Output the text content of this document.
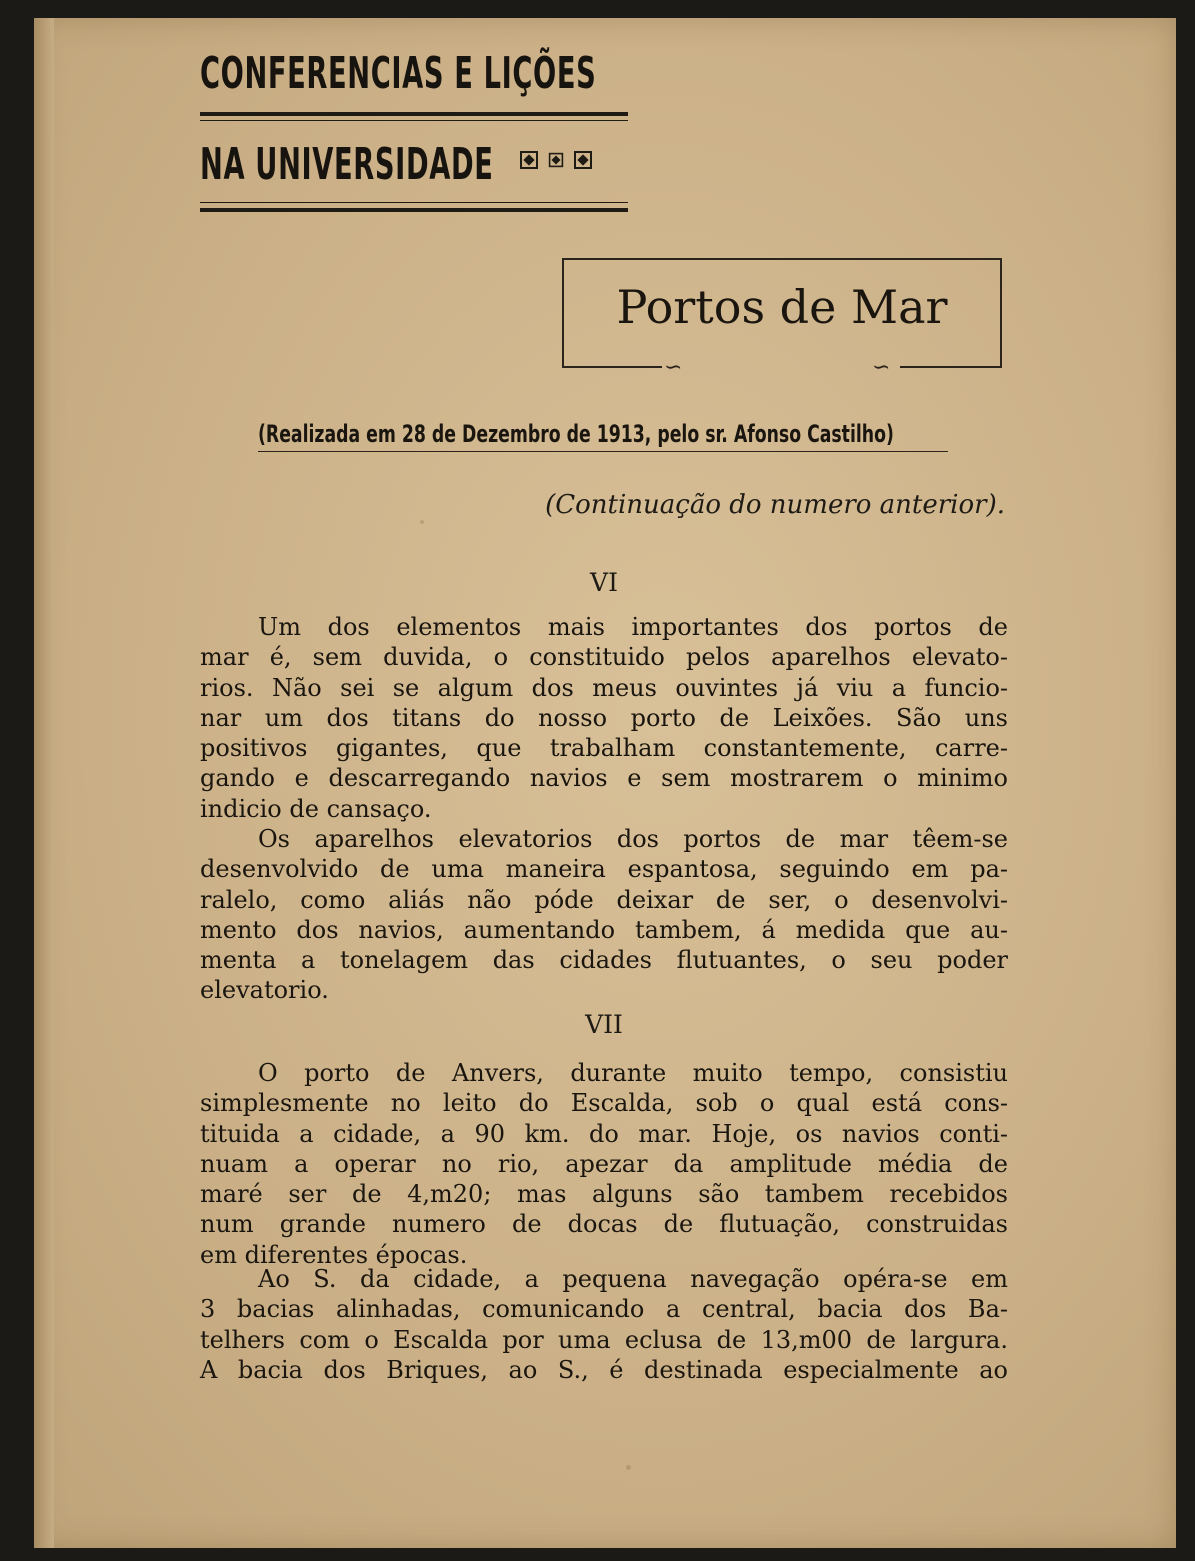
CONFERENCIAS E LIÇÕES
NA UNIVERSIDADE
∽	∽
Portos de Mar
(Realizada em 28 de Dezembro de 1913, pelo sr. Afonso Castilho)
(Continuação do numero anterior).
VI
Um dos elementos mais importantes dos portos de
mar é, sem duvida, o constituido pelos aparelhos elevato-
rios. Não sei se algum dos meus ouvintes já viu a funcio-
nar um dos titans do nosso porto de Leixões. São uns
positivos gigantes, que trabalham constantemente, carre-
gando e descarregando navios e sem mostrarem o minimo
indicio de cansaço.
Os aparelhos elevatorios dos portos de mar têem-se
desenvolvido de uma maneira espantosa, seguindo em pa-
ralelo, como aliás não póde deixar de ser, o desenvolvi-
mento dos navios, aumentando tambem, á medida que au-
menta a tonelagem das cidades flutuantes, o seu poder
elevatorio.
VII
O porto de Anvers, durante muito tempo, consistiu
simplesmente no leito do Escalda, sob o qual está cons-
tituida a cidade, a 90 km. do mar. Hoje, os navios conti-
nuam a operar no rio, apezar da amplitude média de
maré ser de 4,m20; mas alguns são tambem recebidos
num grande numero de docas de flutuação, construidas
em diferentes épocas.
Ao S. da cidade, a pequena navegação opéra-se em
3 bacias alinhadas, comunicando a central, bacia dos Ba-
telhers com o Escalda por uma eclusa de 13,m00 de largura.
A bacia dos Briques, ao S., é destinada especialmente ao
